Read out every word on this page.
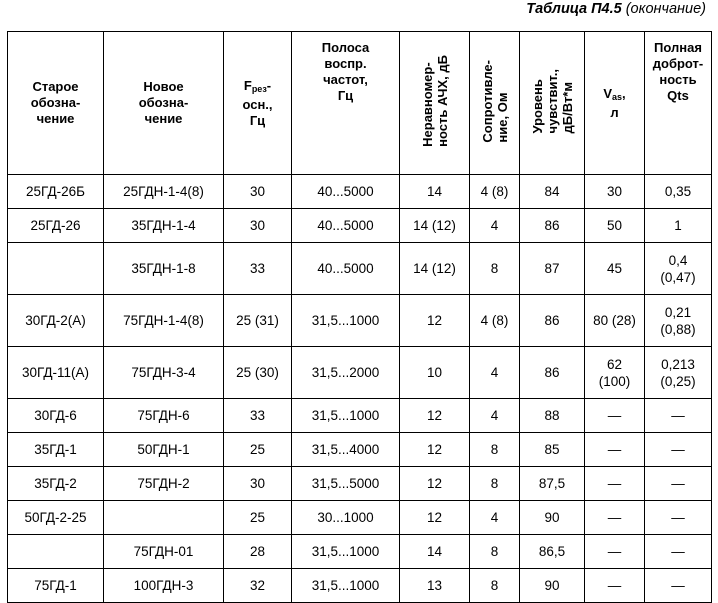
Таблица П4.5 (окончание)
Старое
обозна-
чение	Новое
обозна-
чение	$F_{рез}-$
осн.,
Гц	Полоса
воспр.
частот,
Гц	Неравномер-
ность АЧХ, дБ	Сопротивле-
ние, Ом	Уровень
чувствит.,
дБ/Вт*м	$V_{as}$,
л	Полная
доброт-
ность
Qts
25ГД-26Б	25ГДН-1-4(8)	30	40...5000	14	4 (8)	84	30	0,35
25ГД-26	35ГДН-1-4	30	40...5000	14 (12)	4	86	50	1
	35ГДН-1-8	33	40...5000	14 (12)	8	87	45	0,4
(0,47)
30ГД-2(А)	75ГДН-1-4(8)	25 (31)	31,5...1000	12	4 (8)	86	80 (28)	0,21
(0,88)
30ГД-11(А)	75ГДН-3-4	25 (30)	31,5...2000	10	4	86	62
(100)	0,213
(0,25)
30ГД-6	75ГДН-6	33	31,5...1000	12	4	88	—	—
35ГД-1	50ГДН-1	25	31,5...4000	12	8	85	—	—
35ГД-2	75ГДН-2	30	31,5...5000	12	8	87,5	—	—
50ГД-2-25		25	30...1000	12	4	90	—	—
	75ГДН-01	28	31,5...1000	14	8	86,5	—	—
75ГД-1	100ГДН-3	32	31,5...1000	13	8	90	—	—
